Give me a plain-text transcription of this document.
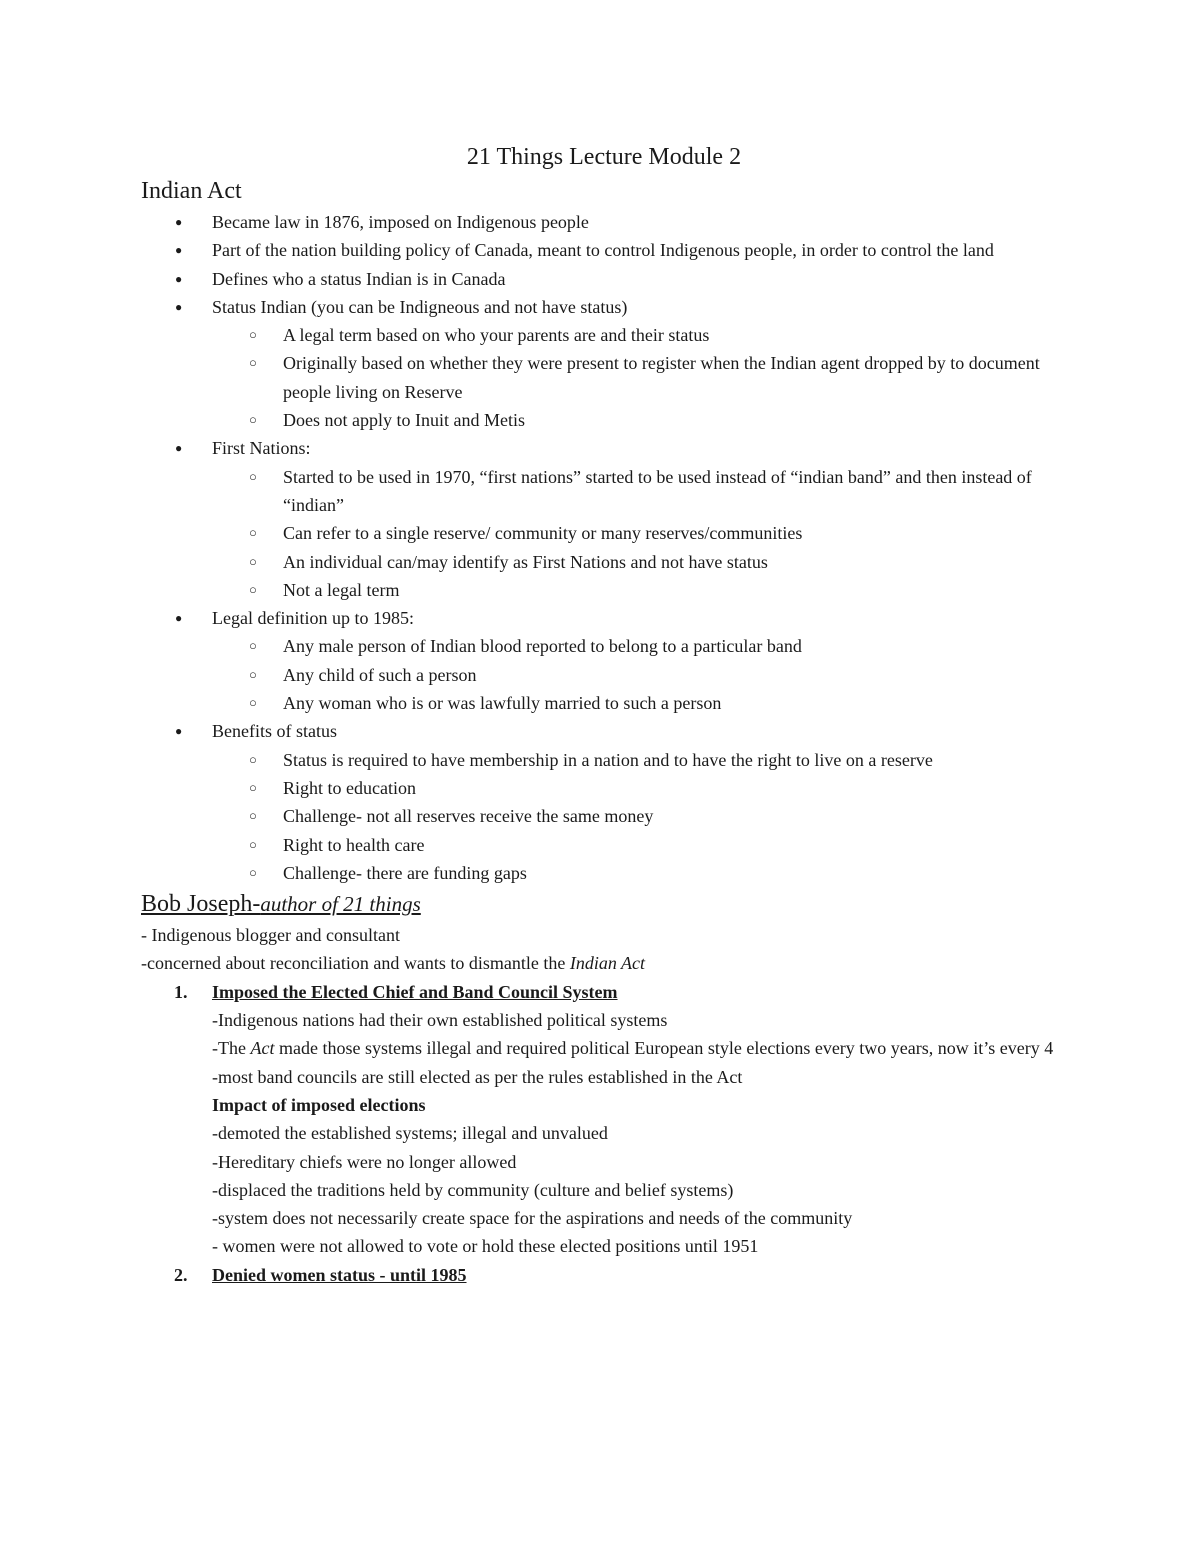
21 Things Lecture Module 2
Indian Act
● Became law in 1876, imposed on Indigenous people
● Part of the nation building policy of Canada, meant to control Indigenous people, in order to control the land
● Defines who a status Indian is in Canada
● Status Indian (you can be Indigneous and not have status)
○ A legal term based on who your parents are and their status
○ Originally based on whether they were present to register when the Indian agent dropped by to document people living on Reserve
○ Does not apply to Inuit and Metis
● First Nations:
○ Started to be used in 1970, “first nations” started to be used instead of “indian band” and then instead of “indian”
○ Can refer to a single reserve/ community or many reserves/communities
○ An individual can/may identify as First Nations and not have status
○ Not a legal term
● Legal definition up to 1985:
○ Any male person of Indian blood reported to belong to a particular band
○ Any child of such a person
○ Any woman who is or was lawfully married to such a person
● Benefits of status
○ Status is required to have membership in a nation and to have the right to live on a reserve
○ Right to education
○ Challenge- not all reserves receive the same money
○ Right to health care
○ Challenge- there are funding gaps
Bob Joseph-author of 21 things

- Indigenous blogger and consultant

-concerned about reconciliation and wants to dismantle the Indian Act

1. Imposed the Elected Chief and Band Council System
-Indigenous nations had their own established political systems
-The Act made those systems illegal and required political European style elections every two years, now it’s every 4
-most band councils are still elected as per the rules established in the Act
Impact of imposed elections
-demoted the established systems; illegal and unvalued
-Hereditary chiefs were no longer allowed
-displaced the traditions held by community (culture and belief systems)
-system does not necessarily create space for the aspirations and needs of the community
- women were not allowed to vote or hold these elected positions until 1951
2. Denied women status - until 1985
